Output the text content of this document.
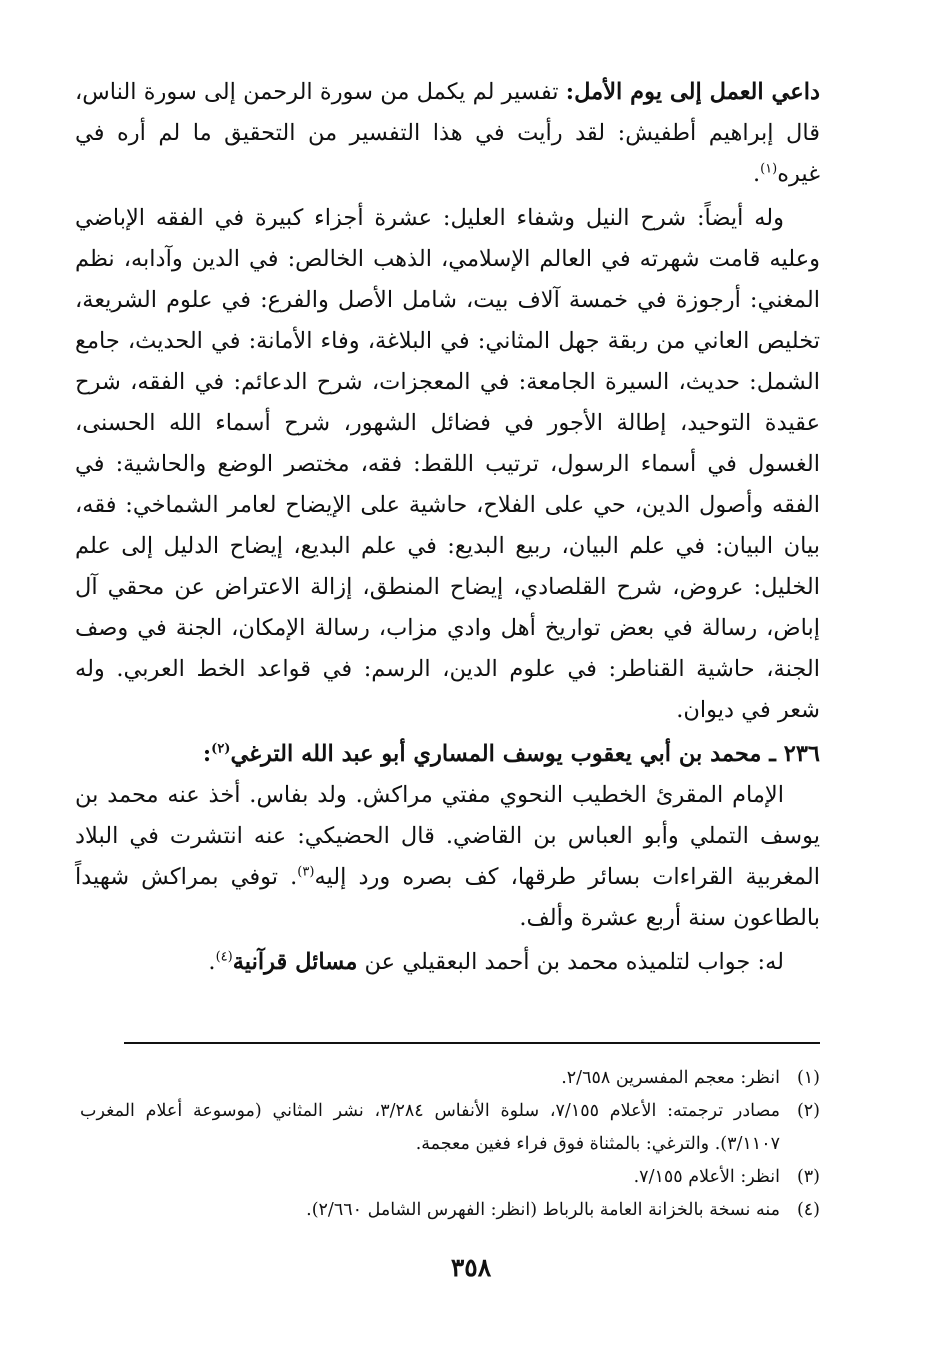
داعي العمل إلى يوم الأمل: تفسير لم يكمل من سورة الرحمن إلى سورة الناس، قال إبراهيم أطفيش: لقد رأيت في هذا التفسير من التحقيق ما لم أره في غيره$^{(١)}$.

وله أيضاً: شرح النيل وشفاء العليل: عشرة أجزاء كبيرة في الفقه الإباضي وعليه قامت شهرته في العالم الإسلامي، الذهب الخالص: في الدين وآدابه، نظم المغني: أرجوزة في خمسة آلاف بيت، شامل الأصل والفرع: في علوم الشريعة، تخليص العاني من ربقة جهل المثاني: في البلاغة، وفاء الأمانة: في الحديث، جامع الشمل: حديث، السيرة الجامعة: في المعجزات، شرح الدعائم: في الفقه، شرح عقيدة التوحيد، إطالة الأجور في فضائل الشهور، شرح أسماء الله الحسنى، الغسول في أسماء الرسول، ترتيب اللقط: فقه، مختصر الوضع والحاشية: في الفقه وأصول الدين، حي على الفلاح، حاشية على الإيضاح لعامر الشماخي: فقه، بيان البيان: في علم البيان، ربيع البديع: في علم البديع، إيضاح الدليل إلى علم الخليل: عروض، شرح القلصادي، إيضاح المنطق، إزالة الاعتراض عن محقي آل إباض، رسالة في بعض تواريخ أهل وادي مزاب، رسالة الإمكان، الجنة في وصف الجنة، حاشية القناطر: في علوم الدين، الرسم: في قواعد الخط العربي. وله شعر في ديوان.

٢٣٦ ـ محمد بن أبي يعقوب يوسف المساري أبو عبد الله الترغي$^{(٢)}$:

الإمام المقرئ الخطيب النحوي مفتي مراكش. ولد بفاس. أخذ عنه محمد بن يوسف التملي وأبو العباس بن القاضي. قال الحضيكي: عنه انتشرت في البلاد المغربية القراءات بسائر طرقها، كف بصره ورد إليه$^{(٣)}$. توفي بمراكش شهيداً بالطاعون سنة أربع عشرة وألف.

له: جواب لتلميذه محمد بن أحمد البعقيلي عن مسائل قرآنية$^{(٤)}$.

(١)
انظر: معجم المفسرين ٢/٦٥٨.
(٢)
مصادر ترجمته: الأعلام ٧/١٥٥، سلوة الأنفاس ٣/٢٨٤، نشر المثاني (موسوعة أعلام المغرب ٣/١١٠٧). والترغي: بالمثناة فوق فراء فغين معجمة.
(٣)
انظر: الأعلام ٧/١٥٥.
(٤)
منه نسخة بالخزانة العامة بالرباط (انظر: الفهرس الشامل ٢/٦٦٠).
٣٥٨
